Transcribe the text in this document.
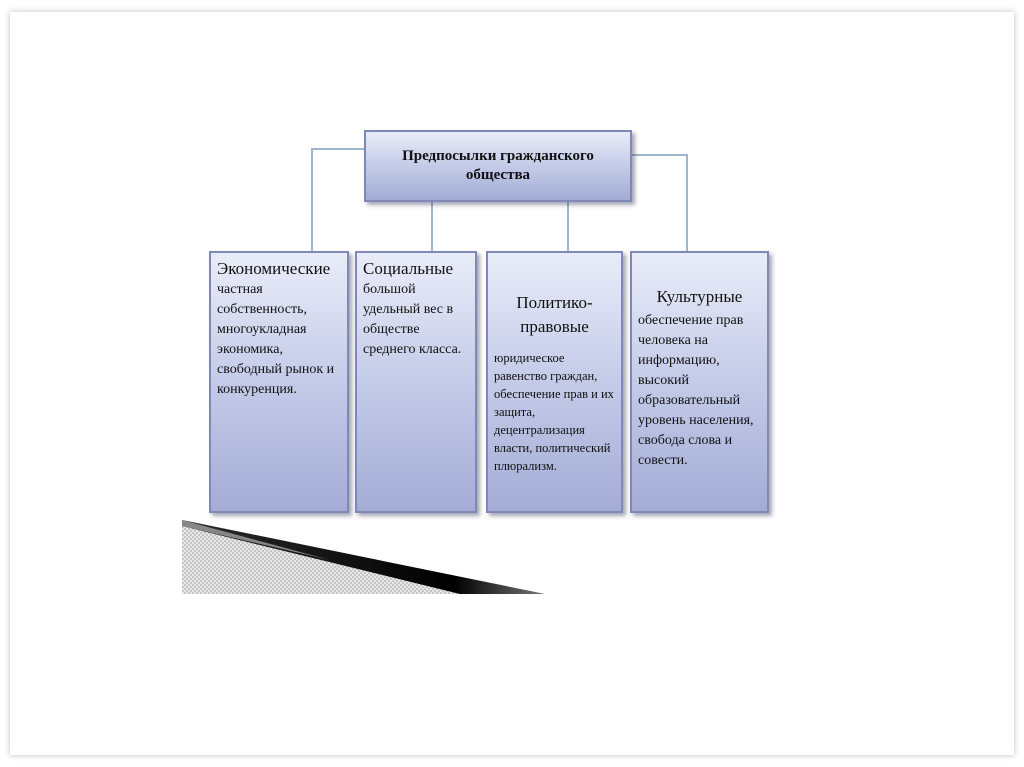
Предпосылки гражданского общества
Экономические
частная собственность, многоукладная экономика, свободный рынок и конкуренция.
Социальные
большой удельный вес в обществе среднего класса.
Политико-правовые
юридическое равенство граждан, обеспечение прав и их защита, децентрализация власти, политический плюрализм.
Культурные
обеспечение прав человека на информацию, высокий образовательный уровень населения, свобода слова и совести.
